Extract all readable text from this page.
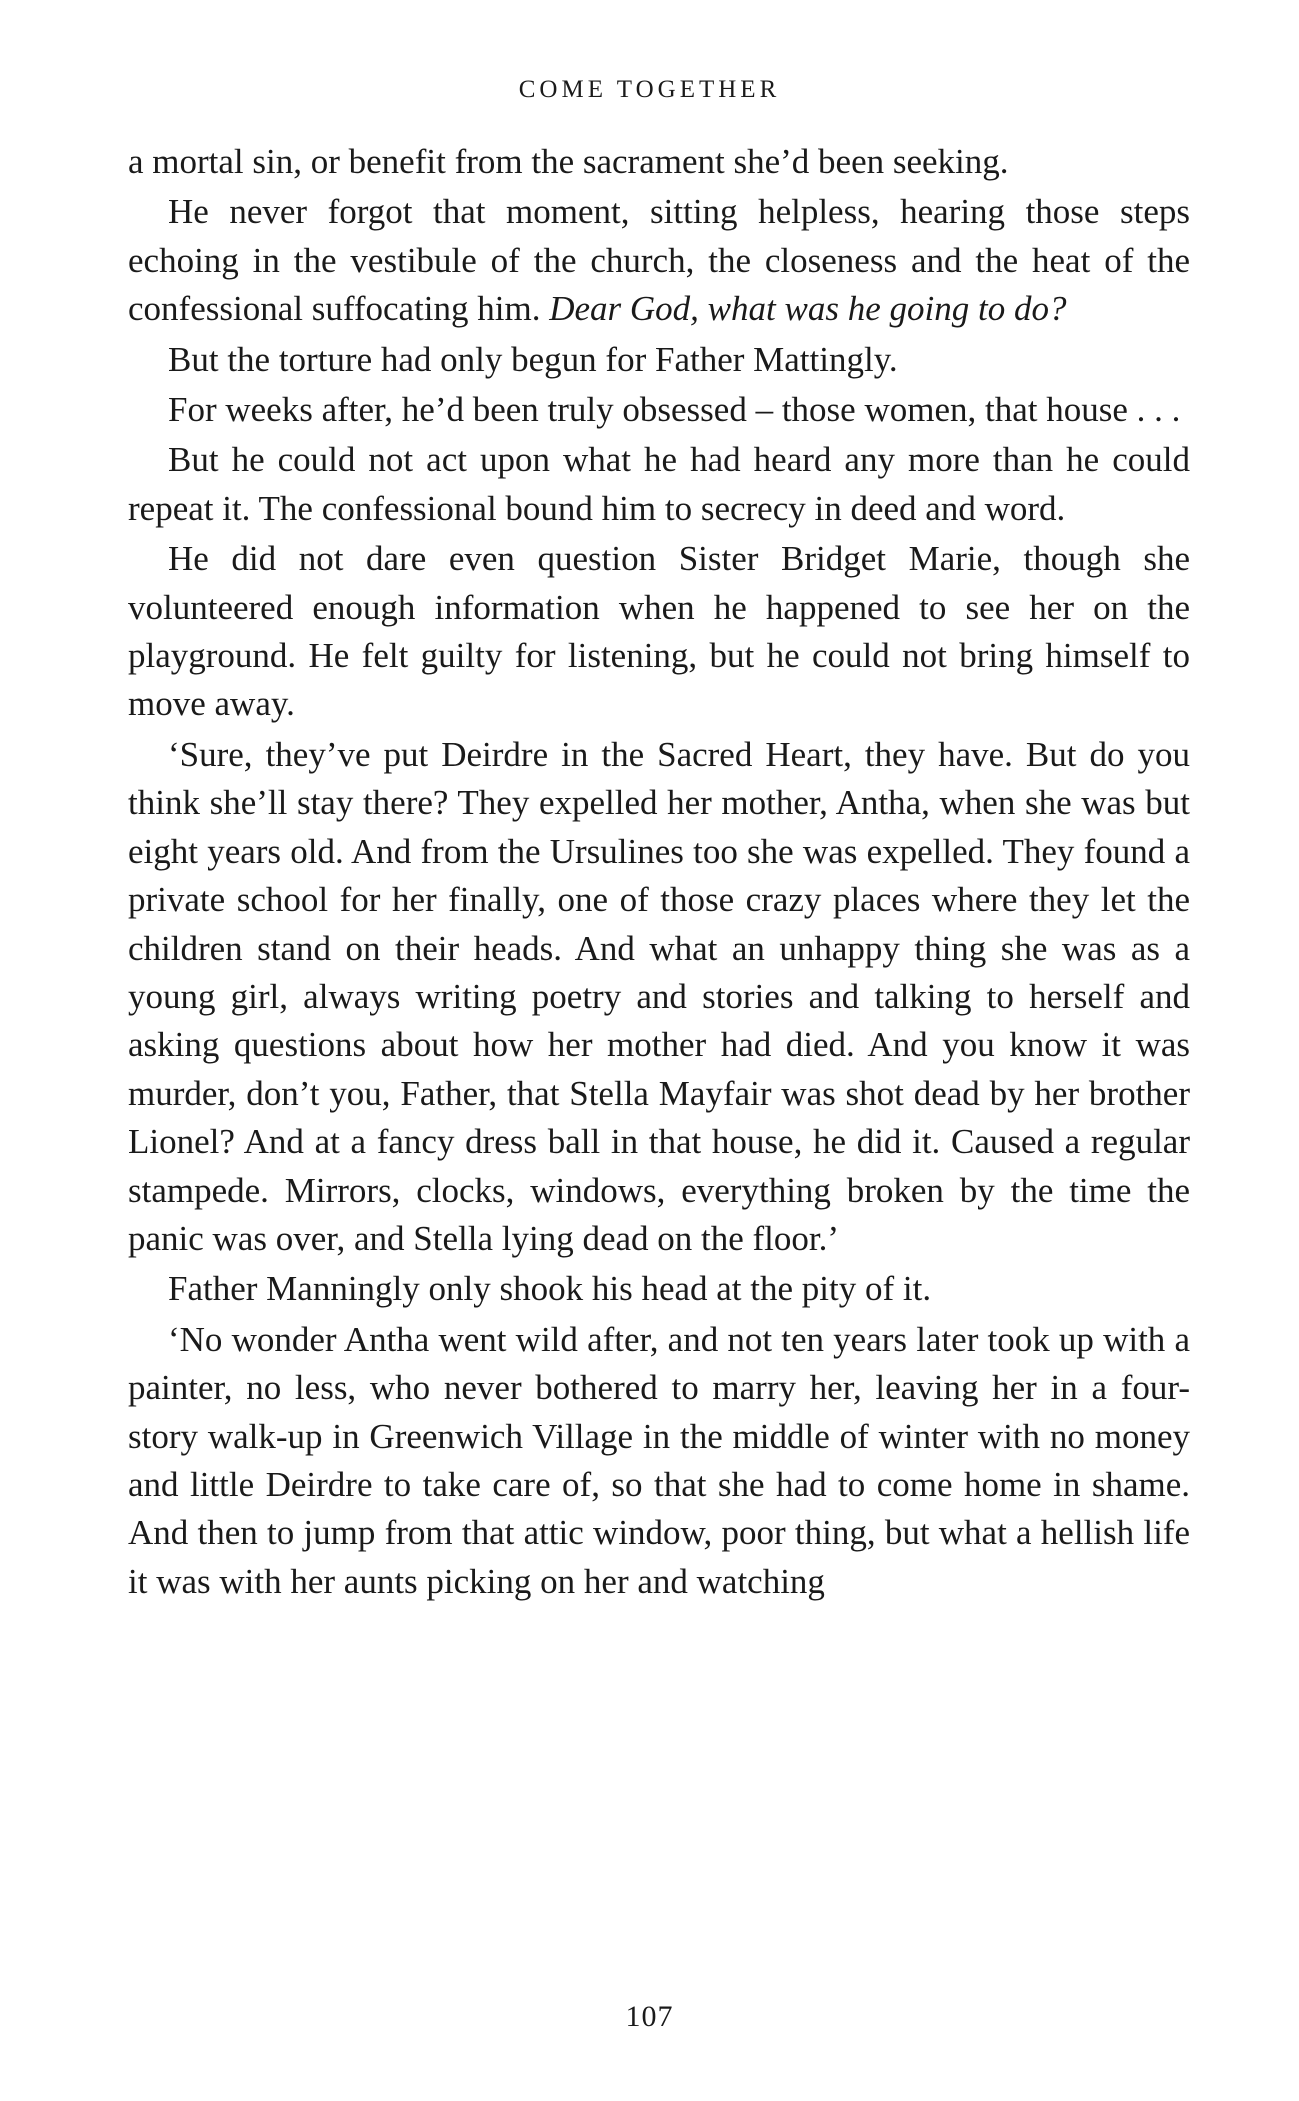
COME TOGETHER

a mortal sin, or benefit from the sacrament she’d been seeking.

He never forgot that moment, sitting helpless, hearing those steps echoing in the vestibule of the church, the closeness and the heat of the confessional suffocating him. Dear God, what was he going to do?

But the torture had only begun for Father Mattingly.

For weeks after, he’d been truly obsessed – those women, that house . . .

But he could not act upon what he had heard any more than he could repeat it. The confessional bound him to secrecy in deed and word.

He did not dare even question Sister Bridget Marie, though she volunteered enough information when he happened to see her on the playground. He felt guilty for listening, but he could not bring himself to move away.

‘Sure, they’ve put Deirdre in the Sacred Heart, they have. But do you think she’ll stay there? They expelled her mother, Antha, when she was but eight years old. And from the Ursulines too she was expelled. They found a private school for her finally, one of those crazy places where they let the children stand on their heads. And what an unhappy thing she was as a young girl, always writing poetry and stories and talking to herself and asking questions about how her mother had died. And you know it was murder, don’t you, Father, that Stella Mayfair was shot dead by her brother Lionel? And at a fancy dress ball in that house, he did it. Caused a regular stampede. Mirrors, clocks, windows, everything broken by the time the panic was over, and Stella lying dead on the floor.’

Father Manningly only shook his head at the pity of it.

‘No wonder Antha went wild after, and not ten years later took up with a painter, no less, who never bothered to marry her, leaving her in a four-story walk-up in Greenwich Village in the middle of winter with no money and little Deirdre to take care of, so that she had to come home in shame. And then to jump from that attic window, poor thing, but what a hellish life it was with her aunts picking on her and watching

107
